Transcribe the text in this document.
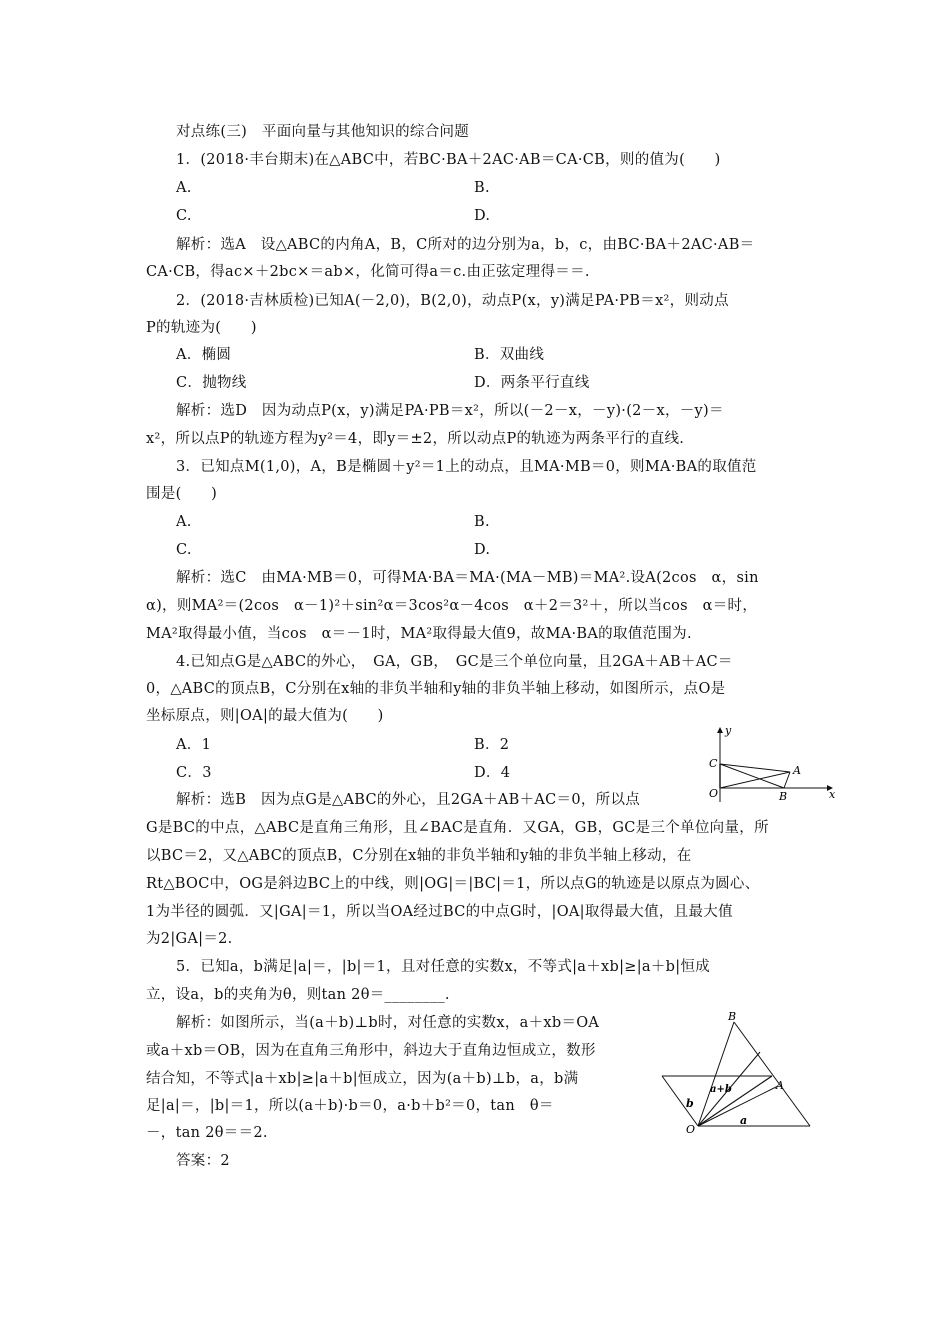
对点练(三)　平面向量与其他知识的综合问题
1．(2018·丰台期末)在△ABC中，若BC·BA＋2AC·AB＝CA·CB，则的值为(　　)
A.	B.
C.	D.
解析：选A　设△ABC的内角A，B，C所对的边分别为a，b，c，由BC·BA＋2AC·AB＝
CA·CB，得ac×＋2bc×＝ab×，化简可得a＝c.由正弦定理得＝＝.
2．(2018·吉林质检)已知A(－2,0)，B(2,0)，动点P(x，y)满足PA·PB＝x²，则动点
P的轨迹为(　　)
A．椭圆	B．双曲线
C．抛物线	D．两条平行直线
解析：选D　因为动点P(x，y)满足PA·PB＝x²，所以(－2－x，－y)·(2－x，－y)＝
x²，所以点P的轨迹方程为y²＝4，即y＝±2，所以动点P的轨迹为两条平行的直线.
3．已知点M(1,0)，A，B是椭圆＋y²＝1上的动点，且MA·MB＝0，则MA·BA的取值范
围是(　　)
A.	B.
C.	D.
解析：选C　由MA·MB＝0，可得MA·BA＝MA·(MA－MB)＝MA².设A(2cos　α，sin
α)，则MA²＝(2cos　α－1)²＋sin²α＝3cos²α－4cos　α＋2＝3²＋，所以当cos　α＝时，
MA²取得最小值，当cos　α＝－1时，MA²取得最大值9，故MA·BA的取值范围为.
4.已知点G是△ABC的外心，　GA，GB，　GC是三个单位向量，且2GA＋AB＋AC＝
0，△ABC的顶点B，C分别在x轴的非负半轴和y轴的非负半轴上移动，如图所示，点O是
坐标原点，则|OA|的最大值为(　　)
A．1	B．2
C．3	D．4
解析：选B　因为点G是△ABC的外心，且2GA＋AB＋AC＝0，所以点
G是BC的中点，△ABC是直角三角形，且∠BAC是直角．又GA，GB，GC是三个单位向量，所
以BC＝2，又△ABC的顶点B，C分别在x轴的非负半轴和y轴的非负半轴上移动，在
Rt△BOC中，OG是斜边BC上的中线，则|OG|＝|BC|＝1，所以点G的轨迹是以原点为圆心、
1为半径的圆弧．又|GA|＝1，所以当OA经过BC的中点G时，|OA|取得最大值，且最大值
为2|GA|＝2.
y
x
C
A
O	B
5．已知a，b满足|a|＝，|b|＝1，且对任意的实数x，不等式|a＋xb|≥|a＋b|恒成
立，设a，b的夹角为θ，则tan 2θ＝________.
解析：如图所示，当(a＋b)⊥b时，对任意的实数x，a＋xb＝OA
或a＋xb＝OB，因为在直角三角形中，斜边大于直角边恒成立，数形
结合知，不等式|a＋xb|≥|a＋b|恒成立，因为(a＋b)⊥b，a，b满
足|a|＝，|b|＝1，所以(a＋b)·b＝0，a·b＋b²＝0，tan　θ＝
－，tan 2θ＝＝2.
答案：2
B
A
O
a
b
a+b
